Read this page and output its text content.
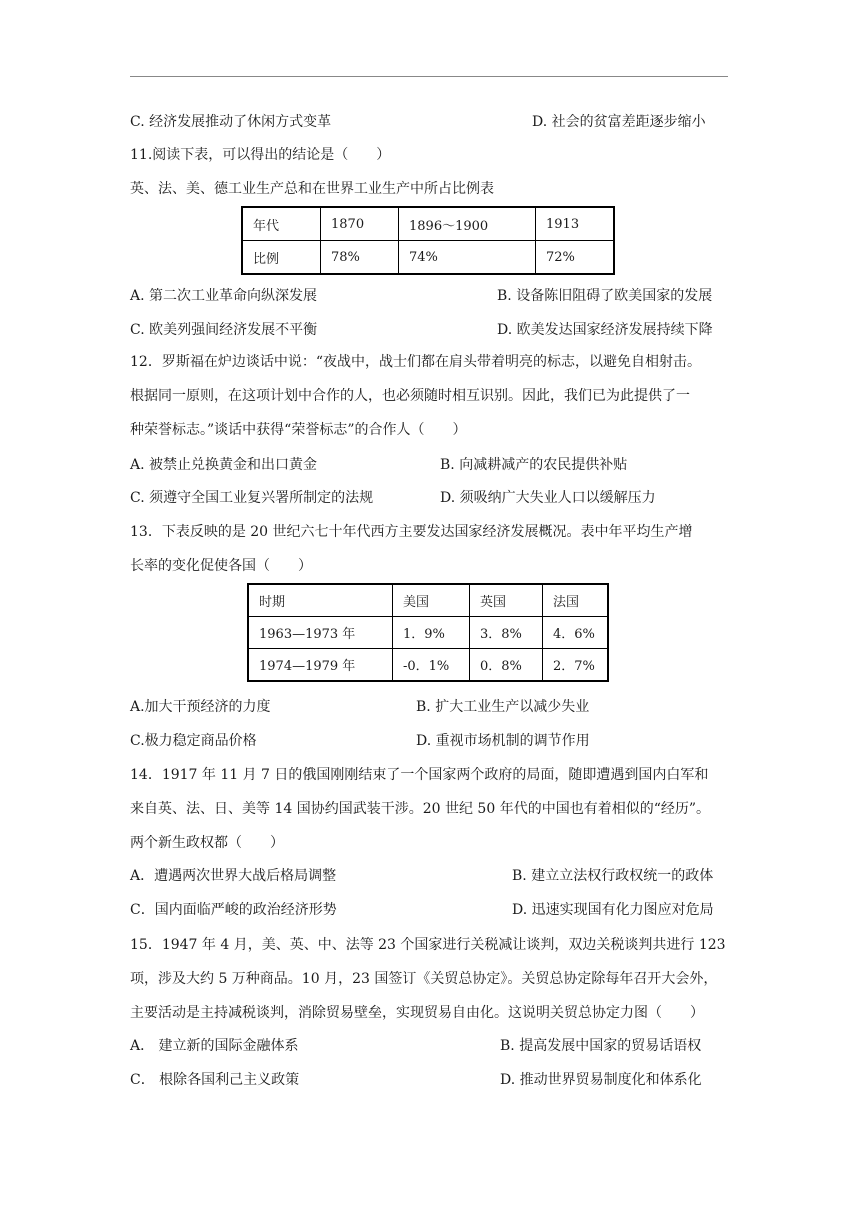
C. 经济发展推动了休闲方式变革	D. 社会的贫富差距逐步缩小
11.阅读下表，可以得出的结论是（　　）
英、法、美、德工业生产总和在世界工业生产中所占比例表
年代	1870	1896～1900	1913
比例	78%	74%	72%
A. 第二次工业革命向纵深发展	B. 设备陈旧阻碍了欧美国家的发展
C. 欧美列强间经济发展不平衡	D. 欧美发达国家经济发展持续下降
12．罗斯福在炉边谈话中说：“夜战中，战士们都在肩头带着明亮的标志，以避免自相射击。
根据同一原则，在这项计划中合作的人，也必须随时相互识别。因此，我们已为此提供了一
种荣誉标志。”谈话中获得“荣誉标志”的合作人（　　）
A. 被禁止兑换黄金和出口黄金	B. 向减耕减产的农民提供补贴
C. 须遵守全国工业复兴署所制定的法规	D. 须吸纳广大失业人口以缓解压力
13．下表反映的是 20 世纪六七十年代西方主要发达国家经济发展概况。表中年平均生产增
长率的变化促使各国（　　）
时期	美国	英国	法国
1963—1973 年	1．9%	3．8%	4．6%
1974—1979 年	-0．1%	0．8%	2．7%
A.加大干预经济的力度	B. 扩大工业生产以减少失业
C.极力稳定商品价格	D. 重视市场机制的调节作用
14．1917 年 11 月 7 日的俄国刚刚结束了一个国家两个政府的局面，随即遭遇到国内白军和
来自英、法、日、美等 14 国协约国武装干涉。20 世纪 50 年代的中国也有着相似的“经历”。
两个新生政权都（　　）
A．遭遇两次世界大战后格局调整	B. 建立立法权行政权统一的政体
C．国内面临严峻的政治经济形势	D. 迅速实现国有化力图应对危局
15．1947 年 4 月，美、英、中、法等 23 个国家进行关税减让谈判，双边关税谈判共进行 123
项，涉及大约 5 万种商品。10 月，23 国签订《关贸总协定》。关贸总协定除每年召开大会外，
主要活动是主持减税谈判，消除贸易壁垒，实现贸易自由化。这说明关贸总协定力图（　　）
A． 建立新的国际金融体系	B. 提高发展中国家的贸易话语权
C． 根除各国利己主义政策	D. 推动世界贸易制度化和体系化
